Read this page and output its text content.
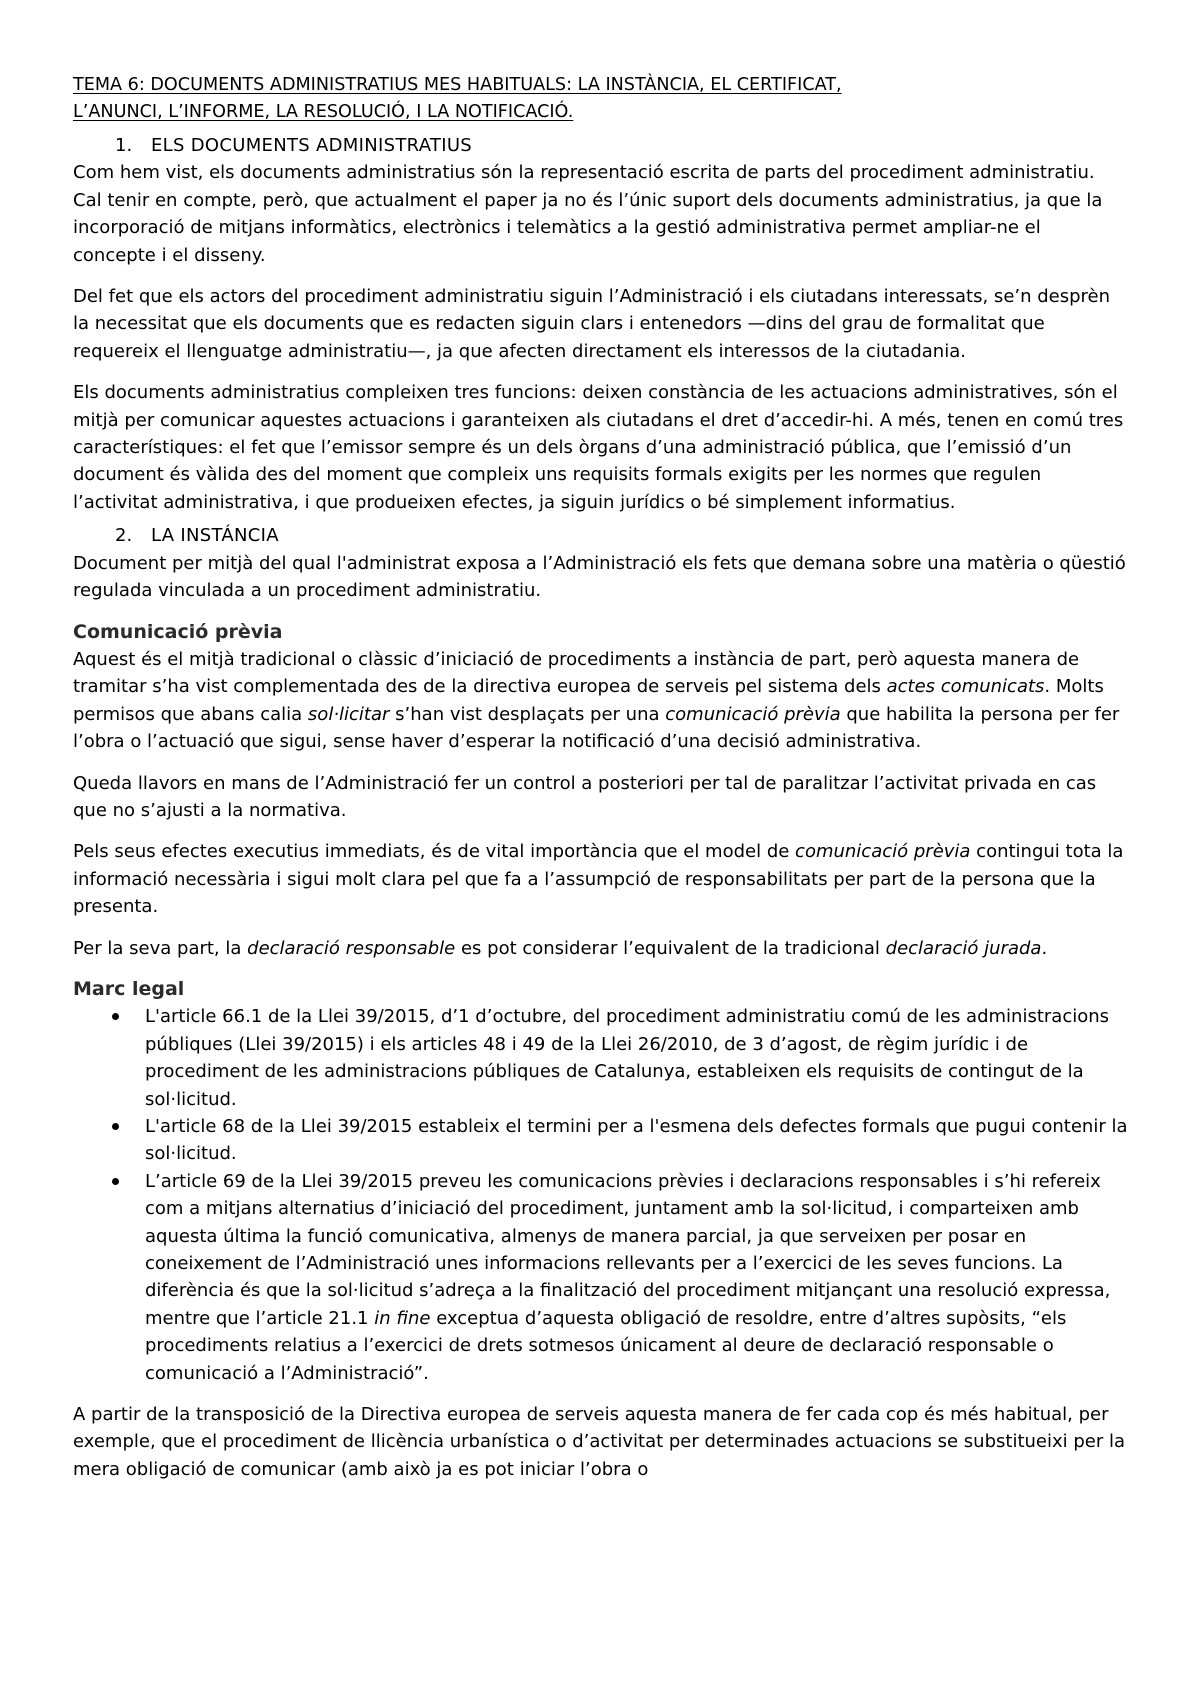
TEMA 6: DOCUMENTS ADMINISTRATIUS MES HABITUALS: LA INSTÀNCIA, EL CERTIFICAT,
L’ANUNCI, L’INFORME, LA RESOLUCIÓ, I LA NOTIFICACIÓ.

1. ELS DOCUMENTS ADMINISTRATIUS

Com hem vist, els documents administratius són la representació escrita de parts del procediment administratiu. Cal tenir en compte, però, que actualment el paper ja no és l’únic suport dels documents administratius, ja que la incorporació de mitjans informàtics, electrònics i telemàtics a la gestió administrativa permet ampliar-ne el concepte i el disseny.

Del fet que els actors del procediment administratiu siguin l’Administració i els ciutadans interessats, se’n desprèn la necessitat que els documents que es redacten siguin clars i entenedors —dins del grau de formalitat que requereix el llenguatge administratiu—, ja que afecten directament els interessos de la ciutadania.

Els documents administratius compleixen tres funcions: deixen constància de les actuacions administratives, són el mitjà per comunicar aquestes actuacions i garanteixen als ciutadans el dret d’accedir-hi. A més, tenen en comú tres característiques: el fet que l’emissor sempre és un dels òrgans d’una administració pública, que l’emissió d’un document és vàlida des del moment que compleix uns requisits formals exigits per les normes que regulen l’activitat administrativa, i que produeixen efectes, ja siguin jurídics o bé simplement informatius.

2. LA INSTÁNCIA

Document per mitjà del qual l'administrat exposa a l’Administració els fets que demana sobre una matèria o qüestió regulada vinculada a un procediment administratiu.

Comunicació prèvia

Aquest és el mitjà tradicional o clàssic d’iniciació de procediments a instància de part, però aquesta manera de tramitar s’ha vist complementada des de la directiva europea de serveis pel sistema dels actes comunicats. Molts permisos que abans calia sol·licitar s’han vist desplaçats per una comunicació prèvia que habilita la persona per fer l’obra o l’actuació que sigui, sense haver d’esperar la notificació d’una decisió administrativa.

Queda llavors en mans de l’Administració fer un control a posteriori per tal de paralitzar l’activitat privada en cas que no s’ajusti a la normativa.

Pels seus efectes executius immediats, és de vital importància que el model de comunicació prèvia contingui tota la informació necessària i sigui molt clara pel que fa a l’assumpció de responsabilitats per part de la persona que la presenta.

Per la seva part, la declaració responsable es pot considerar l’equivalent de la tradicional declaració jurada.

Marc legal

L'article 66.1 de la Llei 39/2015, d’1 d’octubre, del procediment administratiu comú de les administracions públiques (Llei 39/2015) i els articles 48 i 49 de la Llei 26/2010, de 3 d’agost, de règim jurídic i de procediment de les administracions públiques de Catalunya, estableixen els requisits de contingut de la sol·licitud.
L'article 68 de la Llei 39/2015 estableix el termini per a l'esmena dels defectes formals que pugui contenir la sol·licitud.
L’article 69 de la Llei 39/2015 preveu les comunicacions prèvies i declaracions responsables i s’hi refereix com a mitjans alternatius d’iniciació del procediment, juntament amb la sol·licitud, i comparteixen amb aquesta última la funció comunicativa, almenys de manera parcial, ja que serveixen per posar en coneixement de l’Administració unes informacions rellevants per a l’exercici de les seves funcions. La diferència és que la sol·licitud s’adreça a la finalització del procediment mitjançant una resolució expressa, mentre que l’article 21.1 in fine exceptua d’aquesta obligació de resoldre, entre d’altres supòsits, “els procediments relatius a l’exercici de drets sotmesos únicament al deure de declaració responsable o comunicació a l’Administració”.

A partir de la transposició de la Directiva europea de serveis aquesta manera de fer cada cop és més habitual, per exemple, que el procediment de llicència urbanística o d’activitat per determinades actuacions se substitueixi per la mera obligació de comunicar (amb això ja es pot iniciar l’obra o
